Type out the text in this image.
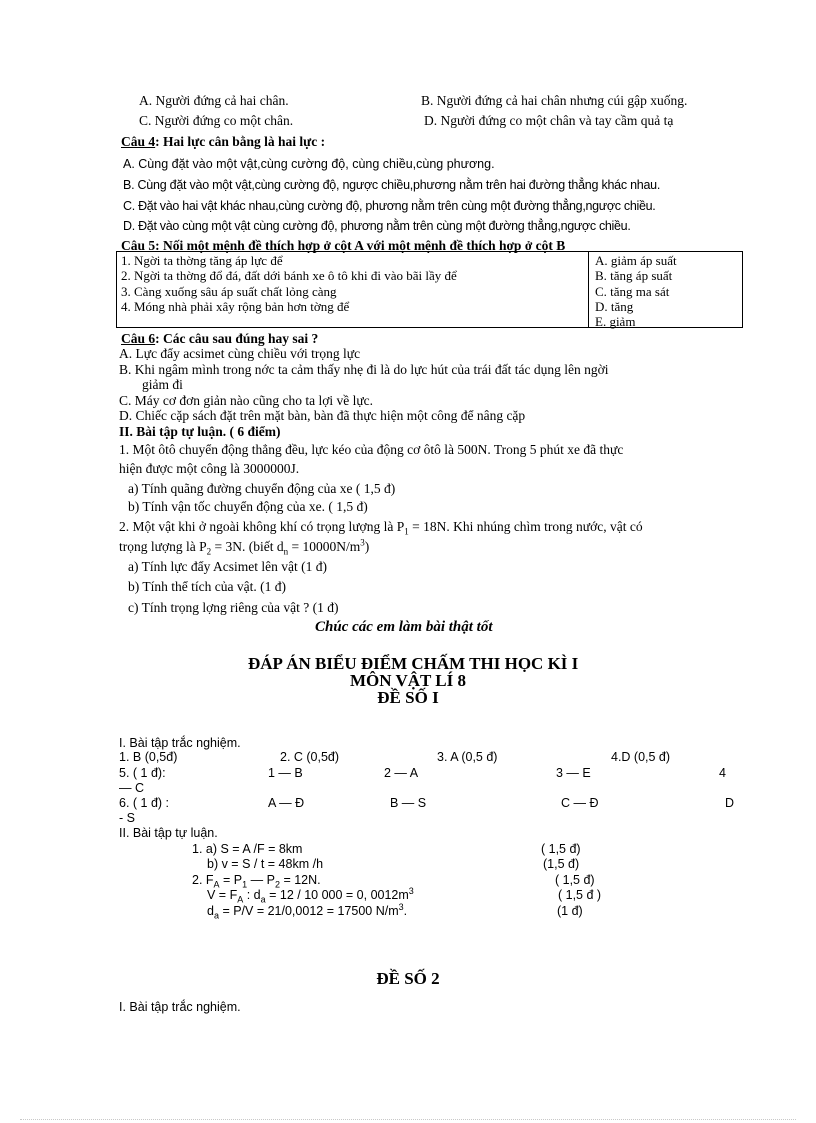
A. Người đứng cả hai chân.	B. Người đứng cả hai chân nhưng cúi gập xuống.
C. Người đứng co một chân.	D. Người đứng co một chân và tay cầm quả tạ
Câu 4: Hai lực cân bằng là hai lực :
A. Cùng đặt vào một vật,cùng cường độ, cùng chiều,cùng phương.
B. Cùng đặt vào một vật,cùng cường độ, ngược chiều,phương nằm trên hai đường thẳng khác nhau.
C. Đặt vào hai vật khác nhau,cùng cường độ, phương nằm trên cùng một đường thẳng,ngược chiều.
D. Đặt vào cùng một vật cùng cường độ, phương nằm trên cùng một đường thẳng,ngược chiều.
Câu 5: Nối một mệnh đề thích hợp ở cột A với một mệnh đề thích hợp ở cột B
1. Ngời ta thờng tăng áp lực để
2. Ngời ta thờng đổ đá, đất dới bánh xe ô tô khi đi vào bãi lầy để
3. Càng xuống sâu áp suất chất lỏng càng
4. Móng nhà phải xây rộng bản hơn tờng để
A. giảm áp suất
B. tăng áp suất
C. tăng ma sát
D. tăng
E. giảm
Câu 6: Các câu sau đúng hay sai ?
A. Lực đẩy acsimet cùng chiều với trọng lực
B. Khi ngâm mình trong nớc ta cảm thấy nhẹ đi là do lực hút của trái đất tác dụng lên ngời
giảm đi
C. Máy cơ đơn giản nào cũng cho ta lợi về lực.
D. Chiếc cặp sách đặt trên mặt bàn, bàn đã thực hiện một công để nâng cặp
II. Bài tập tự luận. ( 6 điểm)
1. Một ôtô chuyển động thẳng đều, lực kéo của động cơ ôtô là 500N. Trong 5 phút xe đã thực
hiện được một công là 3000000J.
a) Tính quãng đường chuyển động của xe ( 1,5 đ)
b) Tính vận tốc chuyển động của xe. ( 1,5 đ)
2. Một vật khi ở ngoài không khí có trọng lượng là $P_1 = 18N$. Khi nhúng chìm trong nước, vật có
trọng lượng là $P_2 = 3N$. (biết $d_n = 10000N/m^3$)
a) Tính lực đẩy Acsimet lên vật (1 đ)
b) Tính thể tích của vật. (1 đ)
c) Tính trọng lợng riêng của vật ? (1 đ)
Chúc các em làm bài thật tốt
ĐÁP ÁN BIỂU ĐIỂM CHẤM THI HỌC KÌ I
MÔN VẬT LÍ 8
ĐỀ SỐ I
I. Bài tập trắc nghiệm.
1. B (0,5đ)	2. C (0,5đ)	3. A (0,5 đ)	4.D (0,5 đ)
5. ( 1 đ):	1 — B	2 — A	3 — E	4
— C
6. ( 1 đ) :	A — Đ	B — S	C — Đ	D
- S
II. Bài tập tự luận.
1. a) S = A /F = 8km	( 1,5 đ)
b) v = S / t = 48km /h	(1,5 đ)
2. $F_A = P_1$ — $P_2 = 12N$.	( 1,5 đ)
$V = F_A$ : $d_a = 12 / 10$ 000 = 0, $0012m^3$	( 1,5 đ )
$d_a = P/V = 21/0,0012 = 17500$ $N/m^3$.	(1 đ)
ĐỀ SỐ 2
I. Bài tập trắc nghiệm.
